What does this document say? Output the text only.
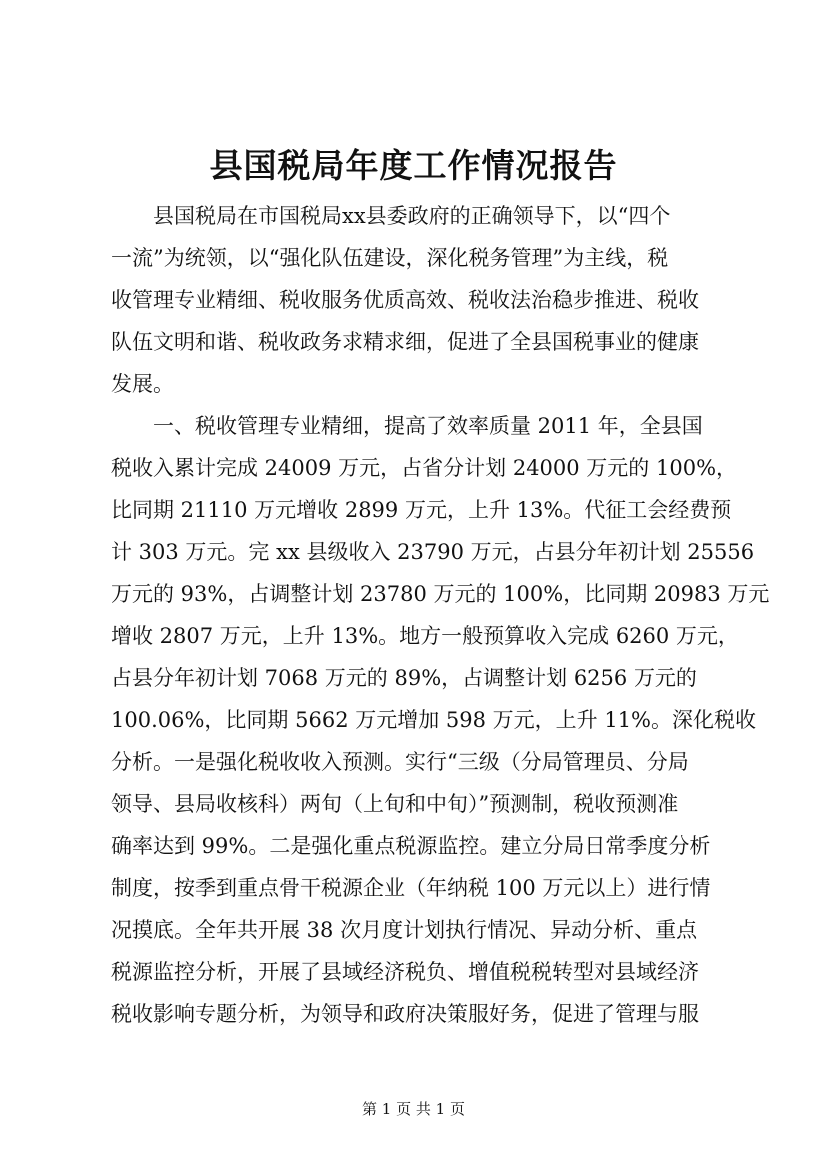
县国税局年度工作情况报告
县国税局在市国税局xx县委政府的正确领导下，以“四个
一流”为统领，以“强化队伍建设，深化税务管理”为主线，税
收管理专业精细、税收服务优质高效、税收法治稳步推进、税收
队伍文明和谐、税收政务求精求细，促进了全县国税事业的健康
发展。
一、税收管理专业精细，提高了效率质量 2011 年，全县国
税收入累计完成 24009 万元，占省分计划 24000 万元的 100%，
比同期 21110 万元增收 2899 万元，上升 13%。代征工会经费预
计 303 万元。完 xx 县级收入 23790 万元，占县分年初计划 25556
万元的 93%，占调整计划 23780 万元的 100%，比同期 20983 万元
增收 2807 万元，上升 13%。地方一般预算收入完成 6260 万元，
占县分年初计划 7068 万元的 89%，占调整计划 6256 万元的
100.06%，比同期 5662 万元增加 598 万元，上升 11%。深化税收
分析。一是强化税收收入预测。实行“三级（分局管理员、分局
领导、县局收核科）两旬（上旬和中旬）”预测制，税收预测准
确率达到 99%。二是强化重点税源监控。建立分局日常季度分析
制度，按季到重点骨干税源企业（年纳税 100 万元以上）进行情
况摸底。全年共开展 38 次月度计划执行情况、异动分析、重点
税源监控分析，开展了县域经济税负、增值税税转型对县域经济
税收影响专题分析，为领导和政府决策服好务，促进了管理与服
第 1 页 共 1 页
